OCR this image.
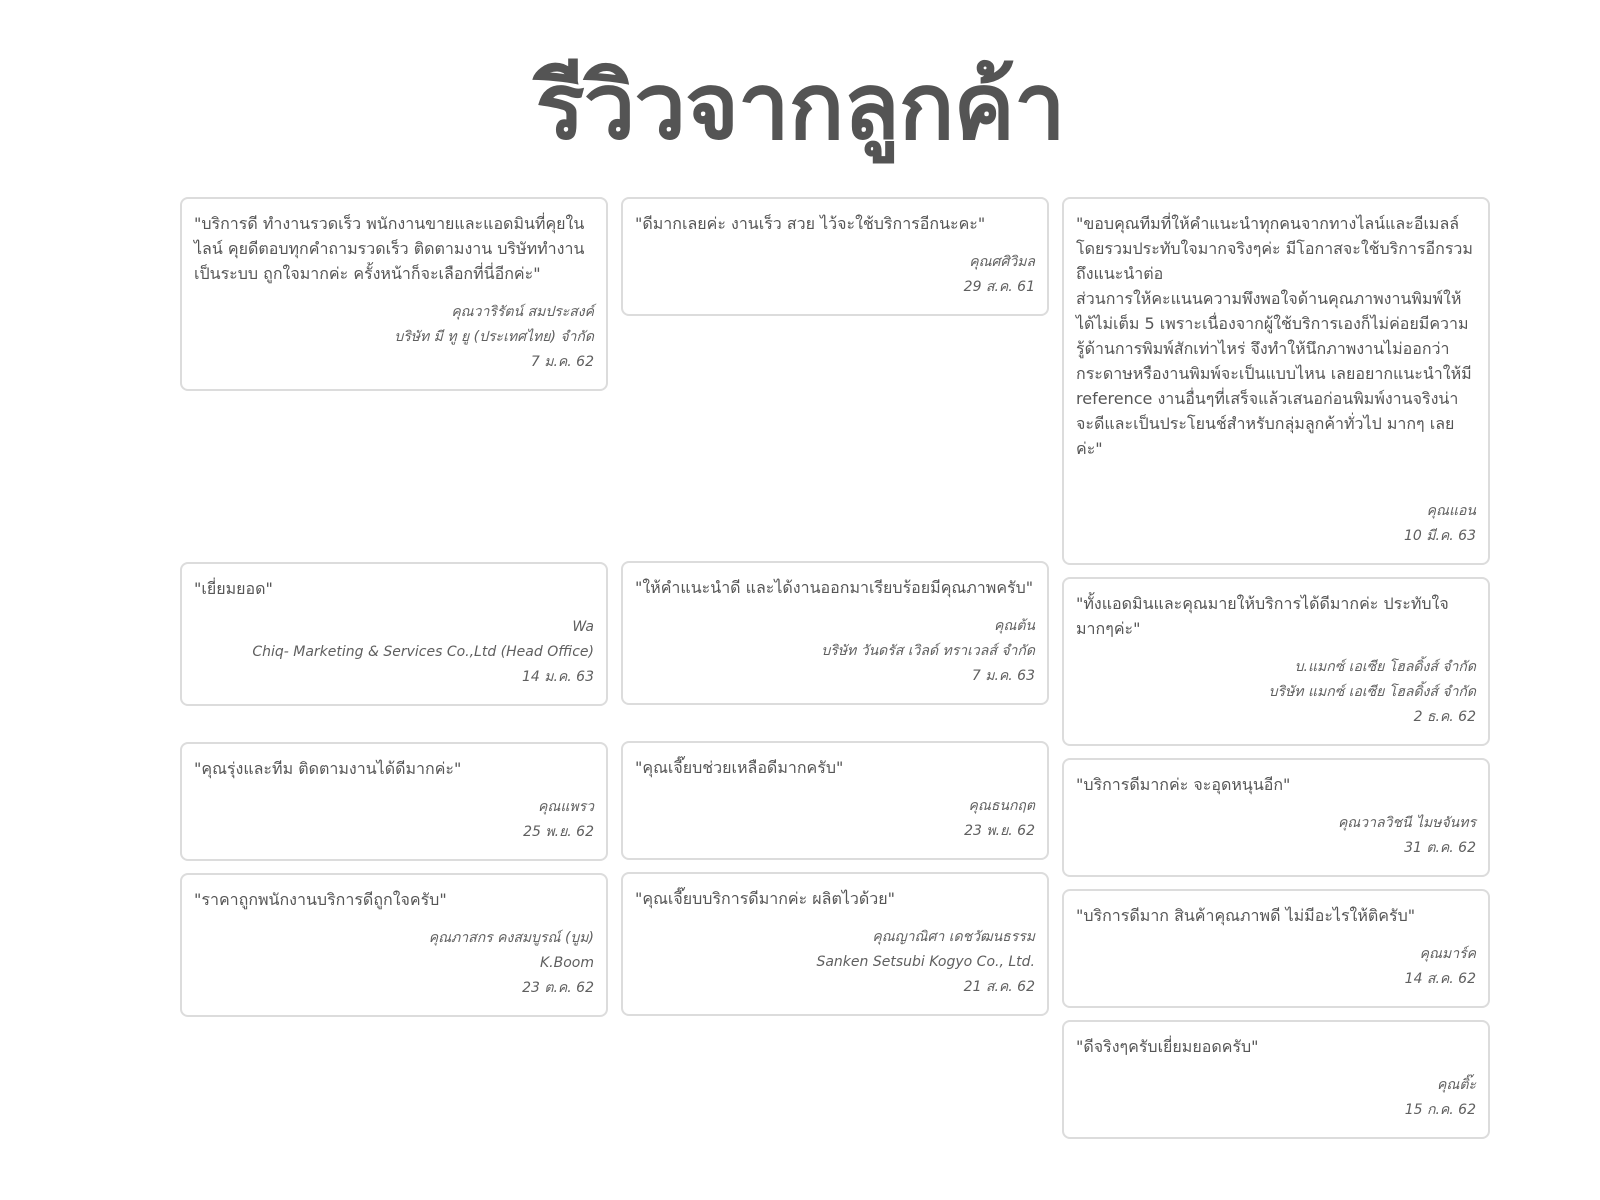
รีวิวจากลูกค้า
"บริการดี ทำงานรวดเร็ว พนักงานขายและแอดมินที่คุยในไลน์ คุยดีตอบทุกคำถามรวดเร็ว ติดตามงาน บริษัททำงานเป็นระบบ ถูกใจมากค่ะ ครั้งหน้าก็จะเลือกที่นี่อีกค่ะ"
คุณวาริรัตน์ สมประสงค์
บริษัท มี ทู ยู (ประเทศไทย) จำกัด
7 ม.ค. 62
"เยี่ยมยอด"
Wa
Chiq- Marketing & Services Co.,Ltd (Head Office)
14 ม.ค. 63
"คุณรุ่งและทีม ติดตามงานได้ดีมากค่ะ"
คุณแพรว
25 พ.ย. 62
"ราคาถูกพนักงานบริการดีถูกใจครับ"
คุณภาสกร คงสมบูรณ์ (บูม)
K.Boom
23 ต.ค. 62
"ดีมากเลยค่ะ งานเร็ว สวย ไว้จะใช้บริการอีกนะคะ"
คุณศศิวิมล
29 ส.ค. 61
"ให้คำแนะนำดี และได้งานออกมาเรียบร้อยมีคุณภาพครับ"
คุณต้น
บริษัท วันดรัส เวิลด์ ทราเวลส์ จำกัด
7 ม.ค. 63
"คุณเจี๊ยบช่วยเหลือดีมากครับ"
คุณธนกฤต
23 พ.ย. 62
"คุณเจี๊ยบบริการดีมากค่ะ ผลิตไวด้วย"
คุณญาณิศา เดชวัฒนธรรม
Sanken Setsubi Kogyo Co., Ltd.
21 ส.ค. 62

"ขอบคุณทีมที่ให้คำแนะนำทุกคนจากทางไลน์และอีเมลล์ โดยรวมประทับใจมากจริงๆค่ะ มีโอกาสจะใช้บริการอีกรวมถึงแนะนำต่อ

ส่วนการให้คะแนนความพึงพอใจด้านคุณภาพงานพิมพ์ให้ได้ไม่เต็ม 5 เพราะเนื่องจากผู้ใช้บริการเองก็ไม่ค่อยมีความรู้ด้านการพิมพ์สักเท่าไหร่ จึงทำให้นึกภาพงานไม่ออกว่ากระดาษหรืองานพิมพ์จะเป็นแบบไหน เลยอยากแนะนำให้มี reference งานอื่นๆที่เสร็จแล้วเสนอก่อนพิมพ์งานจริงน่าจะดีและเป็นประโยนช์สำหรับกลุ่มลูกค้าทั่วไป มากๆ เลยค่ะ"

คุณแอน
10 มี.ค. 63
"ทั้งแอดมินและคุณมายให้บริการได้ดีมากค่ะ ประทับใจมากๆค่ะ"
บ.แมกซ์ เอเซีย โฮลดิ้งส์ จำกัด
บริษัท แมกซ์ เอเซีย โฮลดิ้งส์ จำกัด
2 ธ.ค. 62
"บริการดีมากค่ะ จะอุดหนุนอีก"
คุณวาลวิชนี ไมษจันทร
31 ต.ค. 62
"บริการดีมาก สินค้าคุณภาพดี ไม่มีอะไรให้ติครับ"
คุณมาร์ค
14 ส.ค. 62
"ดีจริงๆครับเยี่ยมยอดครับ"
คุณติ๊ะ
15 ก.ค. 62
